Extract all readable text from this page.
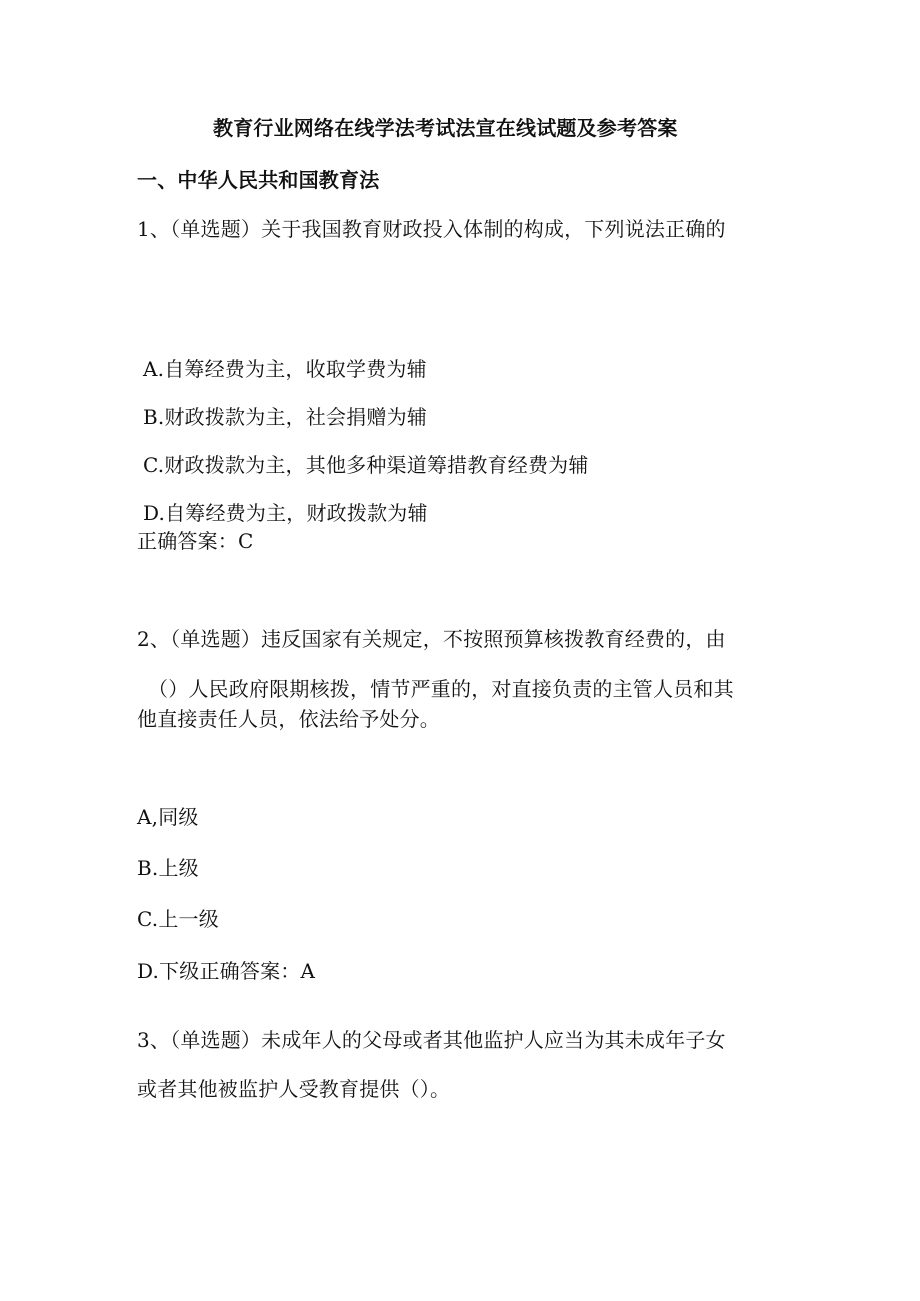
教育行业网络在线学法考试法宣在线试题及参考答案
一、中华人民共和国教育法
1、（单选题）关于我国教育财政投入体制的构成，下列说法正确的
A.自筹经费为主，收取学费为辅
B.财政拨款为主，社会捐赠为辅
C.财政拨款为主，其他多种渠道筹措教育经费为辅
D.自筹经费为主，财政拨款为辅
正确答案：C
2、（单选题）违反国家有关规定，不按照预算核拨教育经费的，由
（）人民政府限期核拨，情节严重的，对直接负责的主管人员和其
他直接责任人员，依法给予处分。
A,同级
B.上级
C.上一级
D.下级正确答案：A
3、（单选题）未成年人的父母或者其他监护人应当为其未成年子女
或者其他被监护人受教育提供（）。
